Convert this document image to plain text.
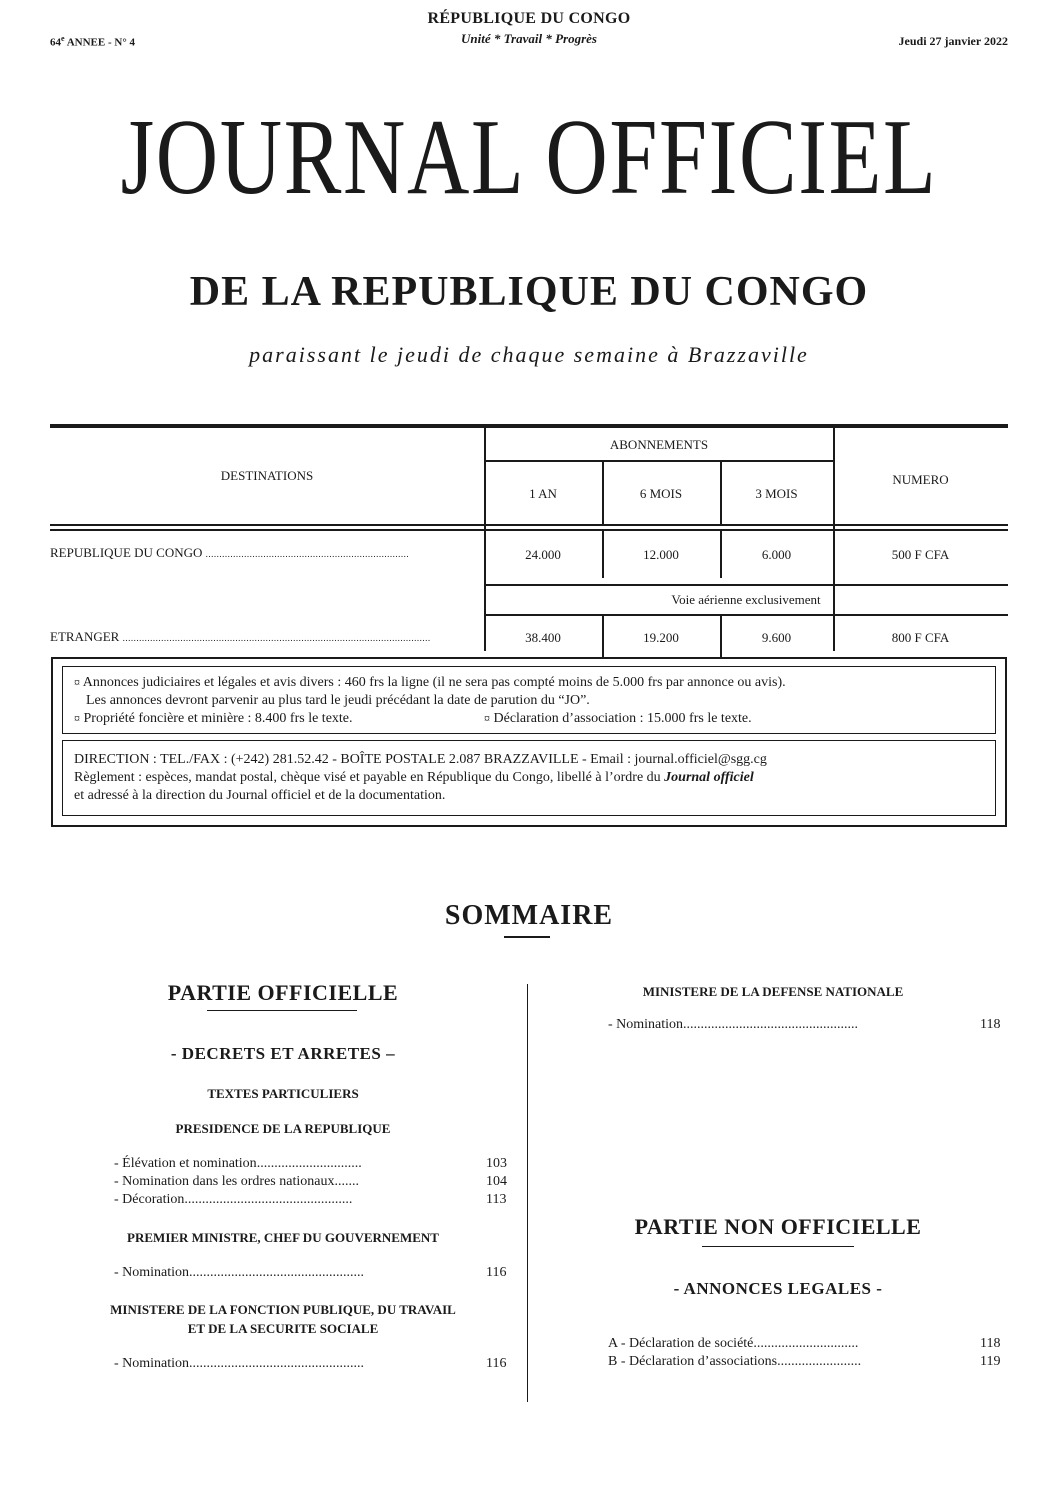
64e ANNEE - N° 4
RÉPUBLIQUE DU CONGO
Unité * Travail * Progrès	Jeudi 27 janvier 2022
JOURNAL OFFICIEL
DE LA REPUBLIQUE DU CONGO
paraissant le jeudi de chaque semaine à Brazzaville
DESTINATIONS
ABONNEMENTS
1 AN	6 MOIS	3 MOIS
NUMERO
REPUBLIQUE DU CONGO ..........................................................................	24.000	12.000	6.000	500 F CFA
Voie aérienne exclusivement
ETRANGER ................................................................................................................	38.400	19.200	9.600	800 F CFA
¤ Annonces judiciaires et légales et avis divers : 460 frs la ligne (il ne sera pas compté moins de 5.000 frs par annonce ou avis).
Les annonces devront parvenir au plus tard le jeudi précédant la date de parution du “JO”.
¤ Propriété foncière et minière : 8.400 frs le texte.	¤ Déclaration d’association : 15.000 frs le texte.
DIRECTION : TEL./FAX : (+242) 281.52.42 - BOÎTE POSTALE 2.087 BRAZZAVILLE - Email : journal.officiel@sgg.cg
Règlement : espèces, mandat postal, chèque visé et payable en République du Congo, libellé à l’ordre du Journal officiel
et adressé à la direction du Journal officiel et de la documentation.
SOMMAIRE
PARTIE OFFICIELLE
- DECRETS ET ARRETES –
TEXTES PARTICULIERS
PRESIDENCE DE LA REPUBLIQUE
- Élévation et nomination..............................	103
- Nomination dans les ordres nationaux.......	104
- Décoration................................................	113
PREMIER MINISTRE, CHEF DU GOUVERNEMENT
- Nomination..................................................	116
MINISTERE DE LA FONCTION PUBLIQUE, DU TRAVAIL
ET DE LA SECURITE SOCIALE
- Nomination..................................................	116
MINISTERE DE LA DEFENSE NATIONALE
- Nomination..................................................	118
PARTIE NON OFFICIELLE
- ANNONCES LEGALES -
A - Déclaration de société..............................	118
B - Déclaration d’associations........................	119
